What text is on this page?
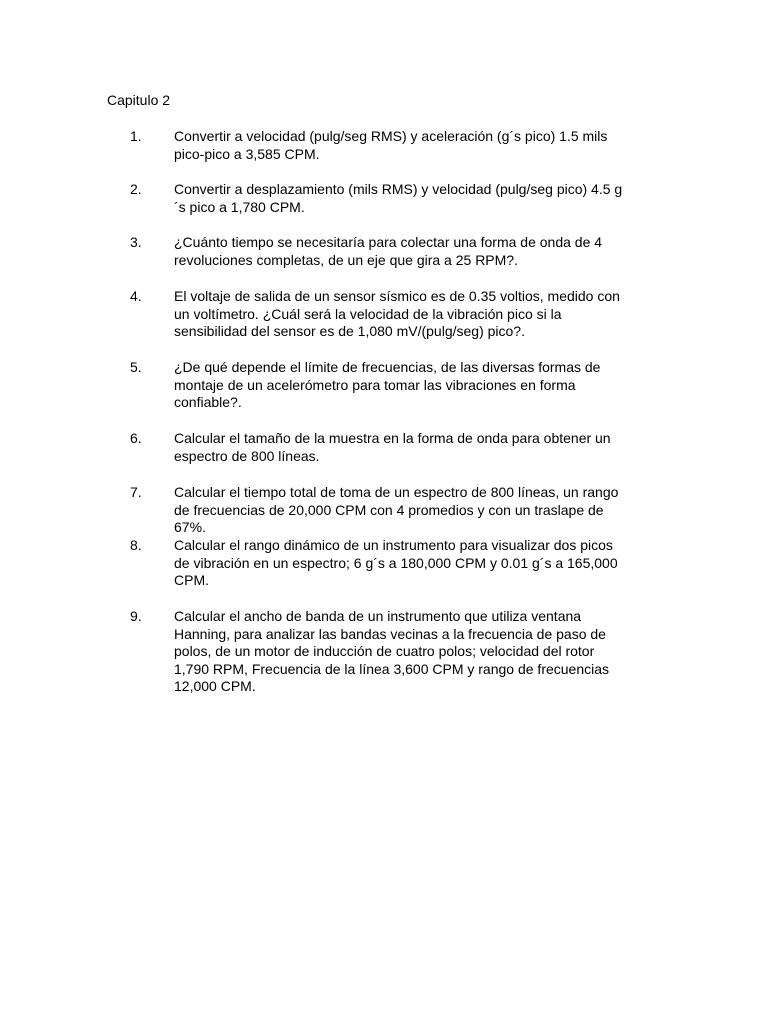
Capitulo 2
1. Convertir a velocidad (pulg/seg RMS) y aceleración (g´s pico) 1.5 mils
pico-pico a 3,585 CPM.

2. Convertir a desplazamiento (mils RMS) y velocidad (pulg/seg pico) 4.5 g
´s pico a 1,780 CPM.

3. ¿Cuánto tiempo se necesitaría para colectar una forma de onda de 4
revoluciones completas, de un eje que gira a 25 RPM?.

4. El voltaje de salida de un sensor sísmico es de 0.35 voltios, medido con
un voltímetro. ¿Cuál será la velocidad de la vibración pico si la
sensibilidad del sensor es de 1,080 mV/(pulg/seg) pico?.

5. ¿De qué depende el límite de frecuencias, de las diversas formas de
montaje de un acelerómetro para tomar las vibraciones en forma
confiable?.

6. Calcular el tamaño de la muestra en la forma de onda para obtener un
espectro de 800 líneas.

7. Calcular el tiempo total de toma de un espectro de 800 líneas, un rango
de frecuencias de 20,000 CPM con 4 promedios y con un traslape de
67%.

8. Calcular el rango dinámico de un instrumento para visualizar dos picos
de vibración en un espectro; 6 g´s a 180,000 CPM y 0.01 g´s a 165,000
CPM.

9. Calcular el ancho de banda de un instrumento que utiliza ventana
Hanning, para analizar las bandas vecinas a la frecuencia de paso de
polos, de un motor de inducción de cuatro polos; velocidad del rotor
1,790 RPM, Frecuencia de la línea 3,600 CPM y rango de frecuencias
12,000 CPM.
